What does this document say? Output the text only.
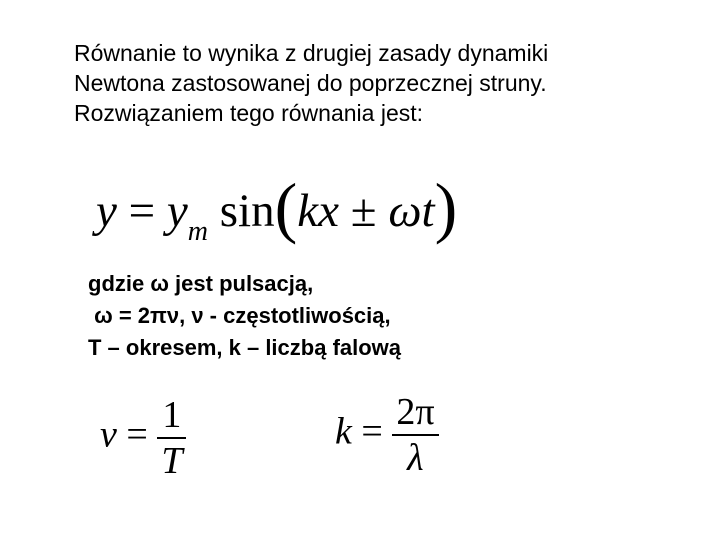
Równanie to wynika z drugiej zasady dynamiki
Newtona zastosowanej do poprzecznej struny.
Rozwiązaniem tego równania jest:
$y = y_m$ sin(kx ± ωt)
gdzie ω jest pulsacją,
ω = 2πν, ν - częstotliwością,
T – okresem, k – liczbą falową
$\nu = \frac{1}{T}$	$k = \frac{2\pi}{\lambda}$
